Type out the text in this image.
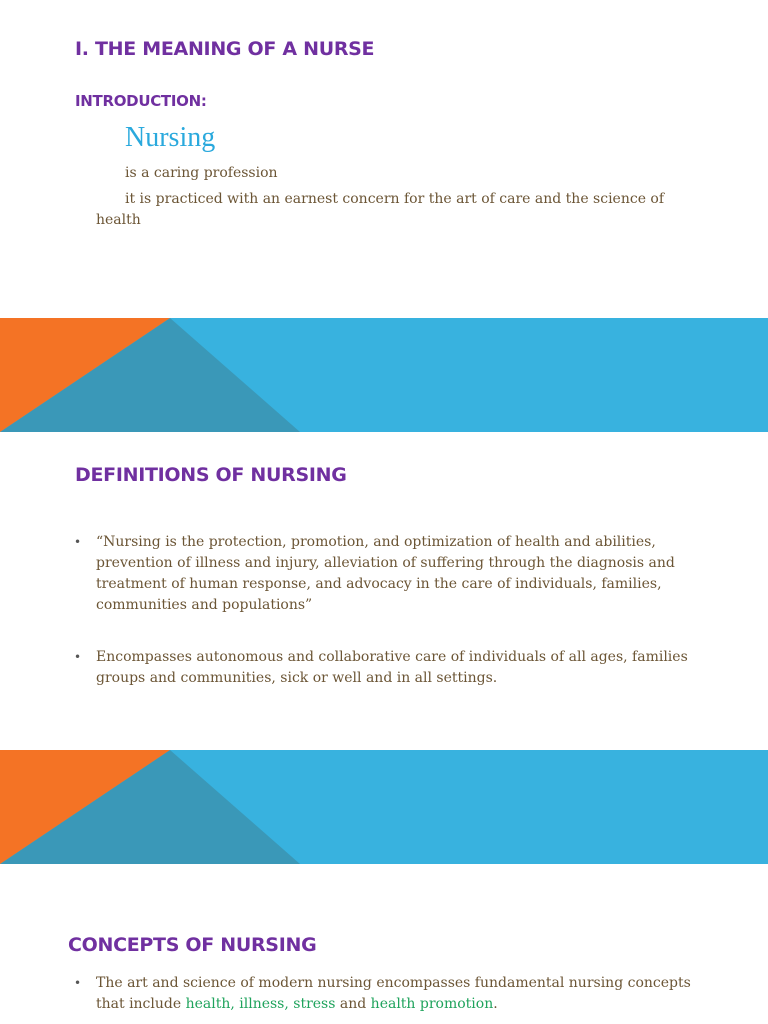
I. THE MEANING OF A NURSE
INTRODUCTION:
Nursing
is a caring profession
it is practiced with an earnest concern for the art of care and the science of health
DEFINITIONS OF NURSING
• “Nursing is the protection, promotion, and optimization of health and abilities, prevention of illness and injury, alleviation of suffering through the diagnosis and treatment of human response, and advocacy in the care of individuals, families, communities and populations”
• Encompasses autonomous and collaborative care of individuals of all ages, families groups and communities, sick or well and in all settings.
CONCEPTS OF NURSING
• The art and science of modern nursing encompasses fundamental nursing concepts that include health, illness, stress and health promotion.
